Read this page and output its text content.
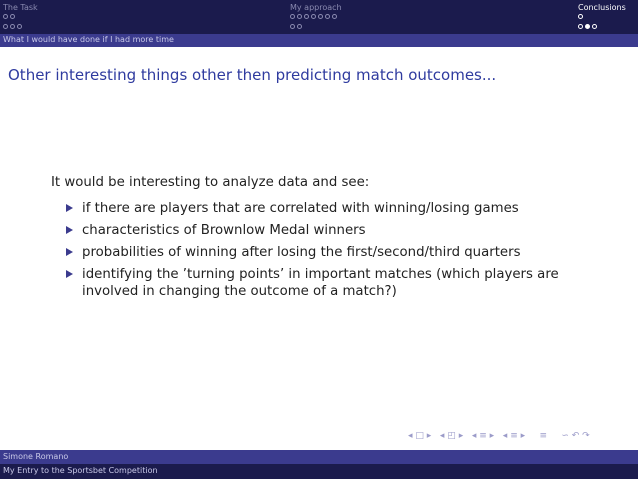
The Task	My approach	Conclusions
What I would have done if I had more time
Other interesting things other then predicting match outcomes...
It would be interesting to analyze data and see:
if there are players that are correlated with winning/losing games
characteristics of Brownlow Medal winners
probabilities of winning after losing the first/second/third quarters
identifying the ’turning points’ in important matches (which players are involved in changing the outcome of a match?)
◂ □ ▸ ◂ ◰ ▸ ◂ ≡ ▸ ◂ ≡ ▸ ≡ ∽ ↶ ↷
Simone Romano
My Entry to the Sportsbet Competition
